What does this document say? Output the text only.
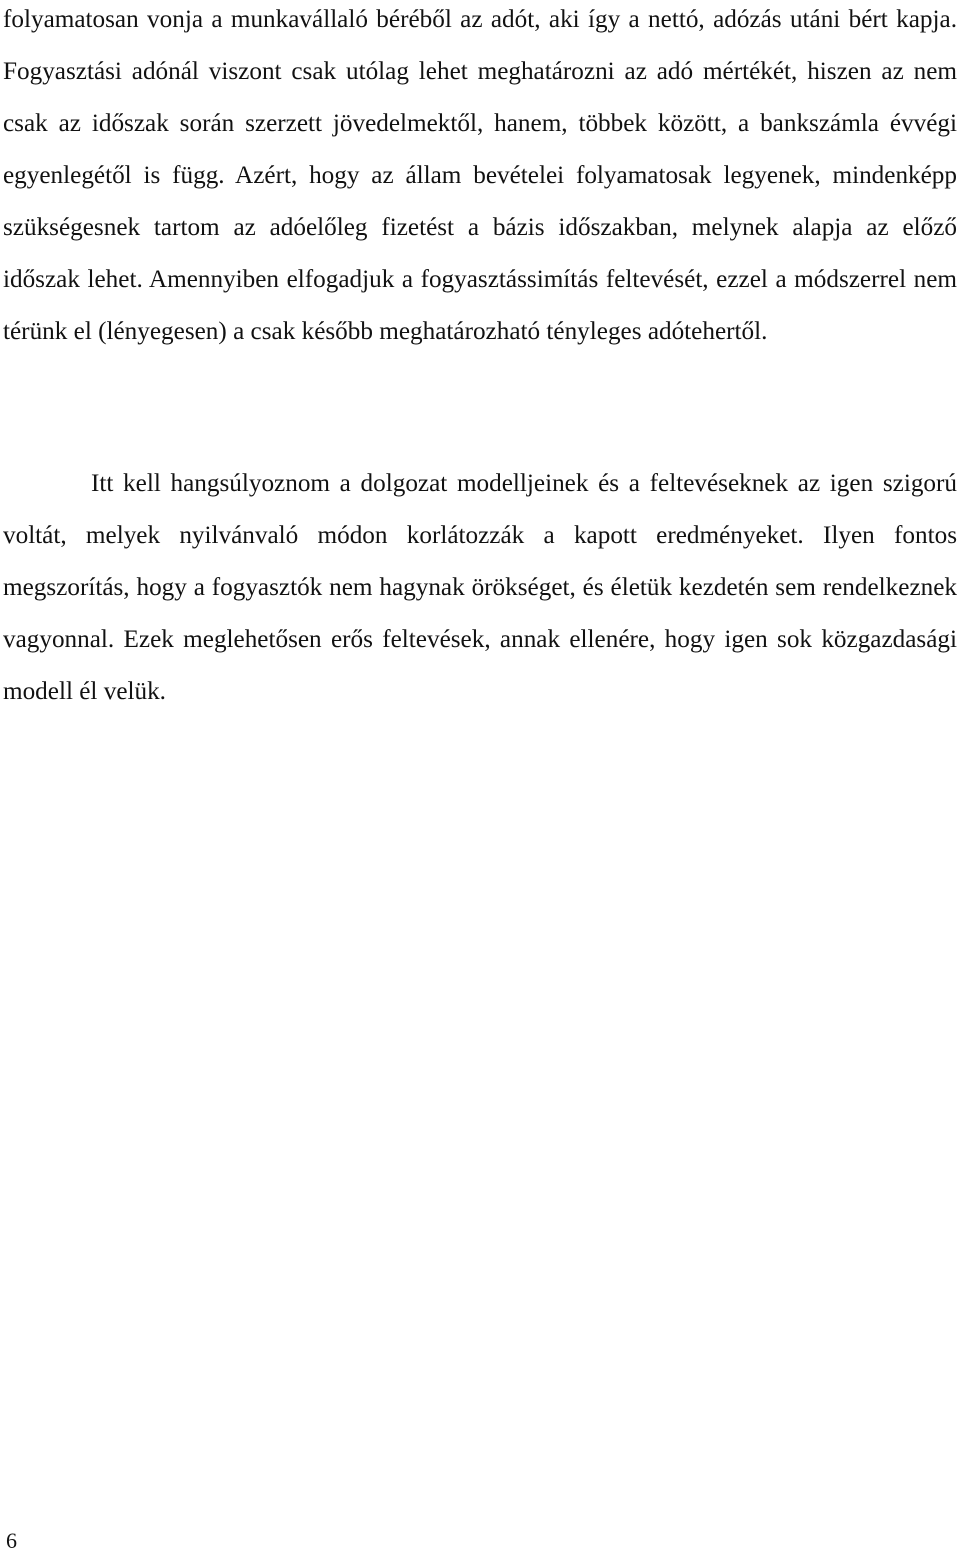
folyamatosan vonja a munkavállaló béréből az adót, aki így a nettó, adózás utáni bért kapja. Fogyasztási adónál viszont csak utólag lehet meghatározni az adó mértékét, hiszen az nem csak az időszak során szerzett jövedelmektől, hanem, többek között, a bankszámla évvégi egyenlegétől is függ. Azért, hogy az állam bevételei folyamatosak legyenek, mindenképp szükségesnek tartom az adóelőleg fizetést a bázis időszakban, melynek alapja az előző időszak lehet. Amennyiben elfogadjuk a fogyasztássimítás feltevését, ezzel a módszerrel nem térünk el (lényegesen) a csak később meghatározható tényleges adótehertől.

Itt kell hangsúlyoznom a dolgozat modelljeinek és a feltevéseknek az igen szigorú voltát, melyek nyilvánvaló módon korlátozzák a kapott eredményeket. Ilyen fontos megszorítás, hogy a fogyasztók nem hagynak örökséget, és életük kezdetén sem rendelkeznek vagyonnal. Ezek meglehetősen erős feltevések, annak ellenére, hogy igen sok közgazdasági modell él velük.

6
